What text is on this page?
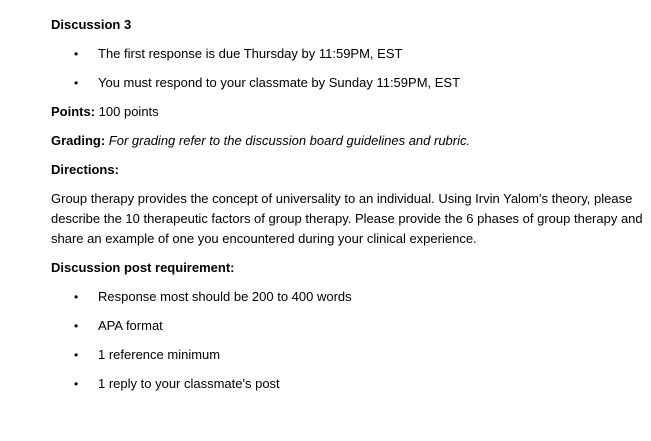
Discussion 3

• The first response is due Thursday by 11:59PM, EST
• You must respond to your classmate by Sunday 11:59PM, EST

Points: 100 points

Grading: For grading refer to the discussion board guidelines and rubric.

Directions:

Group therapy provides the concept of universality to an individual. Using Irvin Yalom's theory, please

describe the 10 therapeutic factors of group therapy. Please provide the 6 phases of group therapy and

share an example of one you encountered during your clinical experience.

Discussion post requirement:

• Response most should be 200 to 400 words
• APA format
• 1 reference minimum
• 1 reply to your classmate's post
